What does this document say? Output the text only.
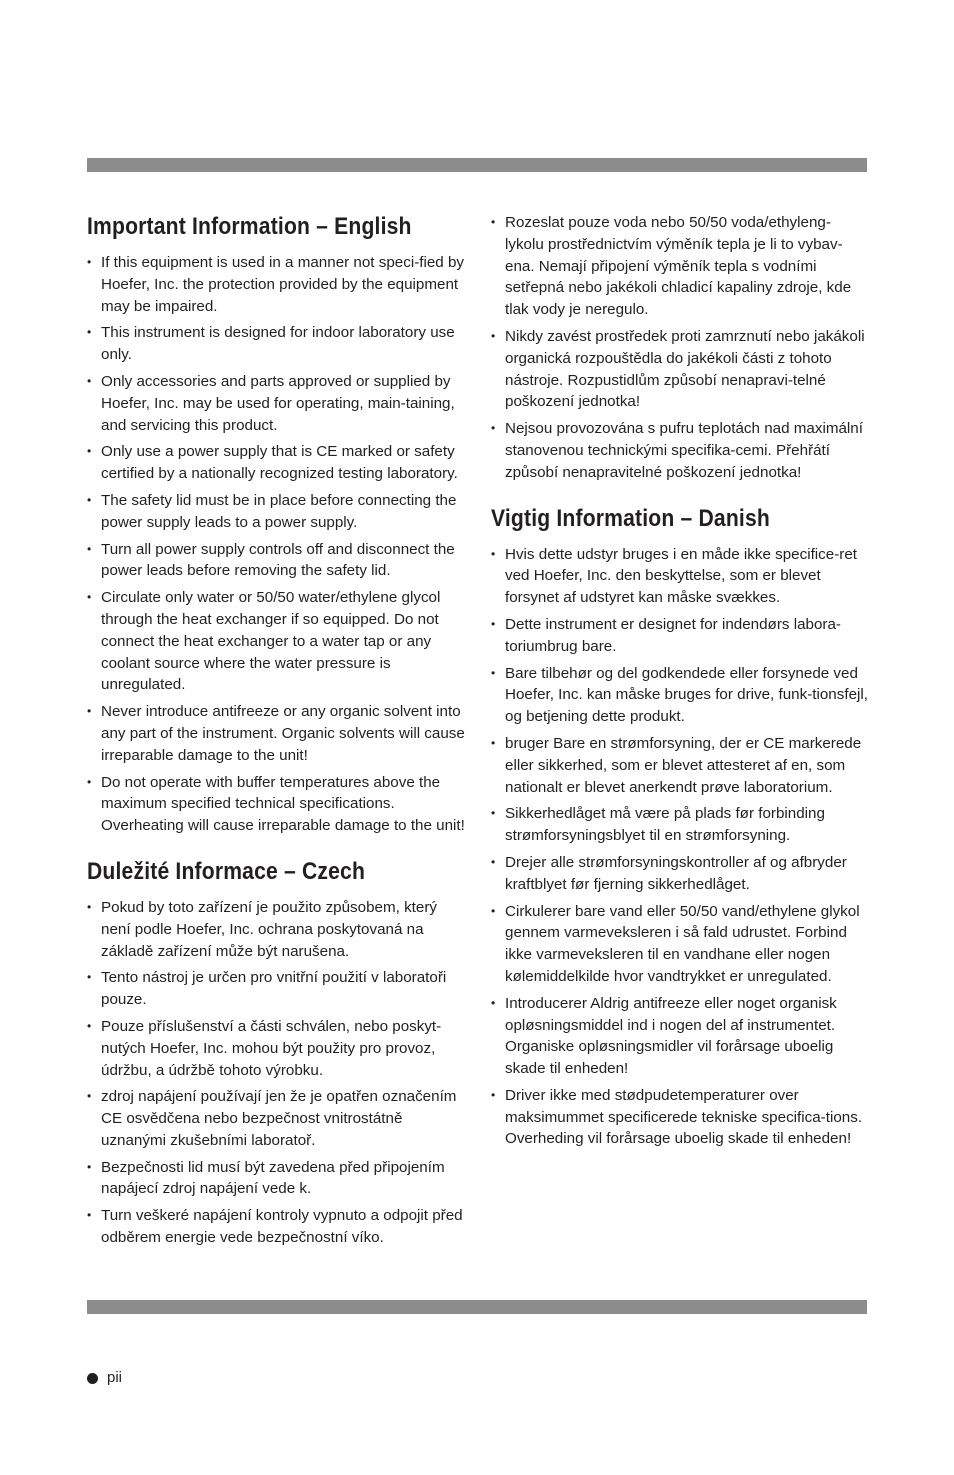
Important Information – English
• If this equipment is used in a manner not speci-fied by Hoefer, Inc. the protection provided by the equipment may be impaired.
• This instrument is designed for indoor laboratory use only.
• Only accessories and parts approved or supplied by Hoefer, Inc. may be used for operating, main-taining, and servicing this product.
• Only use a power supply that is CE marked or safety certified by a nationally recognized testing laboratory.
• The safety lid must be in place before connecting the power supply leads to a power supply.
• Turn all power supply controls off and disconnect the power leads before removing the safety lid.
• Circulate only water or 50/50 water/ethylene glycol through the heat exchanger if so equipped. Do not connect the heat exchanger to a water tap or any coolant source where the water pressure is unregulated.
• Never introduce antifreeze or any organic solvent into any part of the instrument. Organic solvents will cause irreparable damage to the unit!
• Do not operate with buffer temperatures above the maximum specified technical specifications. Overheating will cause irreparable damage to the unit!
Duležité Informace – Czech
• Pokud by toto zařízení je použito způsobem, který není podle Hoefer, Inc. ochrana poskytovaná na základě zařízení může být narušena.
• Tento nástroj je určen pro vnitřní použití v laboratoři pouze.
• Pouze příslušenství a části schválen, nebo poskyt-nutých Hoefer, Inc. mohou být použity pro provoz, údržbu, a údržbě tohoto výrobku.
• zdroj napájení používají jen že je opatřen označením CE osvědčena nebo bezpečnost vnitrostátně uznanými zkušebními laboratoř.
• Bezpečnosti lid musí být zavedena před připojením napájecí zdroj napájení vede k.
• Turn veškeré napájení kontroly vypnuto a odpojit před odběrem energie vede bezpečnostní víko.
• Rozeslat pouze voda nebo 50/50 voda/ethyleng-lykolu prostřednictvím výměník tepla je li to vybav-ena. Nemají připojení výměník tepla s vodními setřepná nebo jakékoli chladicí kapaliny zdroje, kde tlak vody je neregulo.
• Nikdy zavést prostředek proti zamrznutí nebo jakákoli organická rozpouštědla do jakékoli části z tohoto nástroje. Rozpustidlům způsobí nenapravi-telné poškození jednotka!
• Nejsou provozována s pufru teplotách nad maximální stanovenou technickými specifika-cemi. Přehřátí způsobí nenapravitelné poškození jednotka!
Vigtig Information – Danish
• Hvis dette udstyr bruges i en måde ikke specifice-ret ved Hoefer, Inc. den beskyttelse, som er blevet forsynet af udstyret kan måske svækkes.
• Dette instrument er designet for indendørs labora-toriumbrug bare.
• Bare tilbehør og del godkendede eller forsynede ved Hoefer, Inc. kan måske bruges for drive, funk-tionsfejl, og betjening dette produkt.
• bruger Bare en strømforsyning, der er CE markerede eller sikkerhed, som er blevet attesteret af en, som nationalt er blevet anerkendt prøve laboratorium.
• Sikkerhedlåget må være på plads før forbinding strømforsyningsblyet til en strømforsyning.
• Drejer alle strømforsyningskontroller af og afbryder kraftblyet før fjerning sikkerhedlåget.
• Cirkulerer bare vand eller 50/50 vand/ethylene glykol gennem varmeveksleren i så fald udrustet. Forbind ikke varmeveksleren til en vandhane eller nogen kølemiddelkilde hvor vandtrykket er unregulated.
• Introducerer Aldrig antifreeze eller noget organisk opløsningsmiddel ind i nogen del af instrumentet. Organiske opløsningsmidler vil forårsage uboelig skade til enheden!
• Driver ikke med stødpudetemperaturer over maksimummet specificerede tekniske specifica-tions. Overheding vil forårsage uboelig skade til enheden!
pii
